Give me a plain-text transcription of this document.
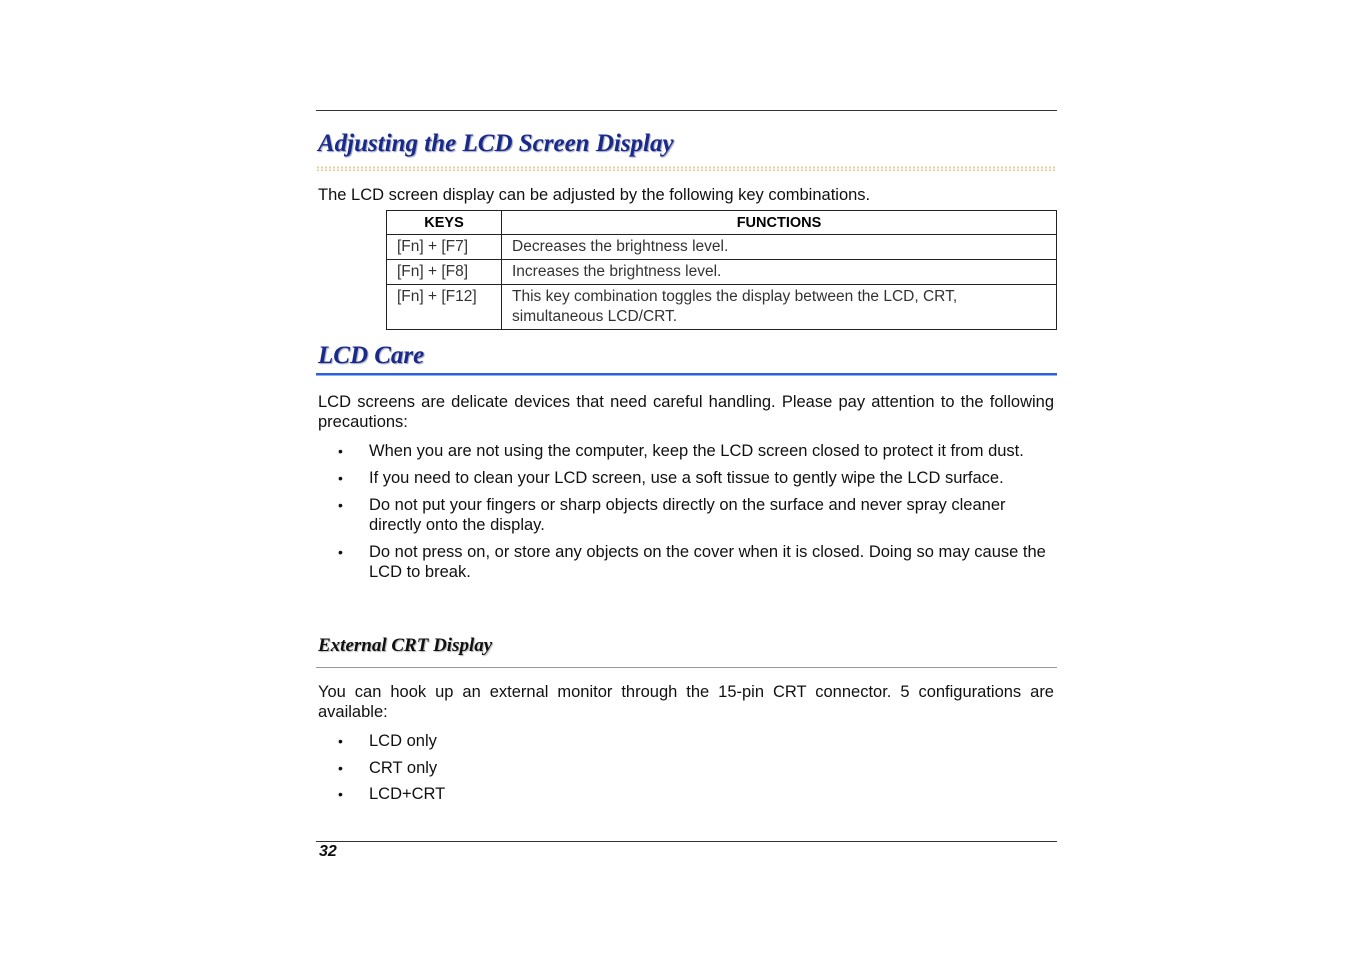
Adjusting the LCD Screen Display

The LCD screen display can be adjusted by the following key combinations.

KEYS	FUNCTIONS
[Fn] + [F7]	Decreases the brightness level.
[Fn] + [F8]	Increases the brightness level.
[Fn] + [F12]	This key combination toggles the display between the LCD, CRT, simultaneous LCD/CRT.
LCD Care

LCD screens are delicate devices that need careful handling. Please pay attention to the following precautions:

• When you are not using the computer, keep the LCD screen closed to protect it from dust.
• If you need to clean your LCD screen, use a soft tissue to gently wipe the LCD surface.
• Do not put your fingers or sharp objects directly on the surface and never spray cleaner directly onto the display.
• Do not press on, or store any objects on the cover when it is closed. Doing so may cause the LCD to break.
External CRT Display

You can hook up an external monitor through the 15-pin CRT connector. 5 configurations are available:

• LCD only
• CRT only
• LCD+CRT
32
